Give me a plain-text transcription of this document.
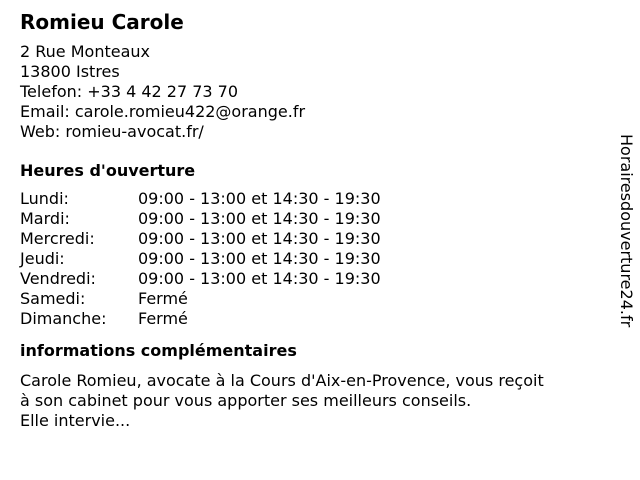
Romieu Carole
2 Rue Monteaux
13800 Istres
Telefon: +33 4 42 27 73 70
Email: carole.romieu422@orange.fr
Web: romieu-avocat.fr/
Heures d'ouverture
Lundi:	09:00 - 13:00 et 14:30 - 19:30
Mardi:	09:00 - 13:00 et 14:30 - 19:30
Mercredi:	09:00 - 13:00 et 14:30 - 19:30
Jeudi:	09:00 - 13:00 et 14:30 - 19:30
Vendredi:	09:00 - 13:00 et 14:30 - 19:30
Samedi:	Fermé
Dimanche:	Fermé
informations complémentaires
Carole Romieu, avocate à la Cours d'Aix-en-Provence, vous reçoit
à son cabinet pour vous apporter ses meilleurs conseils.
Elle intervie...
Horairesdouverture24.fr
